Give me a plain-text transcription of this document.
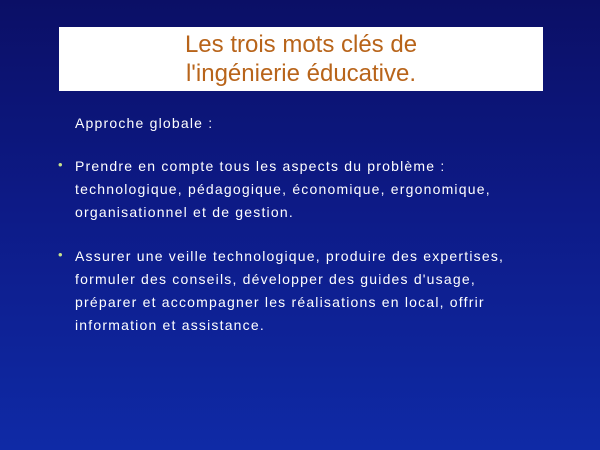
Les trois mots clés de
l'ingénierie éducative.
Approche globale :
• Prendre en compte tous les aspects du problème :
technologique, pédagogique, économique, ergonomique,
organisationnel et de gestion.
• Assurer une veille technologique, produire des expertises,
formuler des conseils, développer des guides d'usage,
préparer et accompagner les réalisations en local, offrir
information et assistance.
